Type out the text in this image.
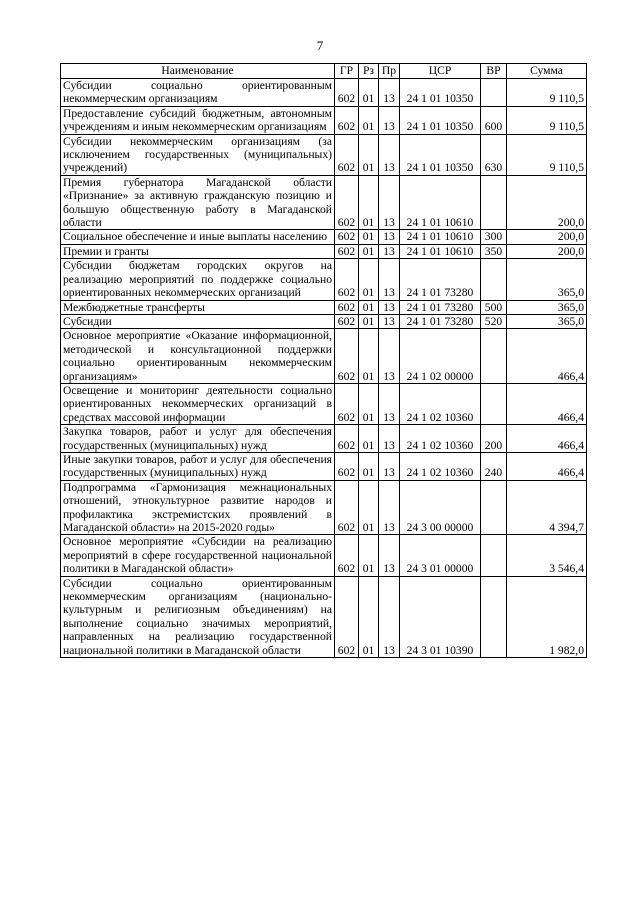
7
Наименование	ГР	Рз	Пр	ЦСР	ВР	Сумма
Субсидии социально ориентированным некоммерческим организациям	602	01	13	24 1 01 10350		9 110,5
Предоставление субсидий бюджетным, автономным учреждениям и иным некоммерческим организациям	602	01	13	24 1 01 10350	600	9 110,5
Субсидии некоммерческим организациям (за исключением государственных (муниципальных) учреждений)	602	01	13	24 1 01 10350	630	9 110,5
Премия губернатора Магаданской области «Признание» за активную гражданскую позицию и большую общественную работу в Магаданской области	602	01	13	24 1 01 10610		200,0
Социальное обеспечение и иные выплаты населению	602	01	13	24 1 01 10610	300	200,0
Премии и гранты	602	01	13	24 1 01 10610	350	200,0
Субсидии бюджетам городских округов на реализацию мероприятий по поддержке социально ориентированных некоммерческих организаций	602	01	13	24 1 01 73280		365,0
Межбюджетные трансферты	602	01	13	24 1 01 73280	500	365,0
Субсидии	602	01	13	24 1 01 73280	520	365,0
Основное мероприятие «Оказание информационной, методической и консультационной поддержки социально ориентированным некоммерческим организациям»	602	01	13	24 1 02 00000		466,4
Освещение и мониторинг деятельности социально ориентированных некоммерческих организаций в средствах массовой информации	602	01	13	24 1 02 10360		466,4
Закупка товаров, работ и услуг для обеспечения государственных (муниципальных) нужд	602	01	13	24 1 02 10360	200	466,4
Иные закупки товаров, работ и услуг для обеспечения государственных (муниципальных) нужд	602	01	13	24 1 02 10360	240	466,4
Подпрограмма «Гармонизация межнациональных отношений, этнокультурное развитие народов и профилактика экстремистских проявлений в Магаданской области» на 2015-2020 годы»	602	01	13	24 3 00 00000		4 394,7
Основное мероприятие «Субсидии на реализацию мероприятий в сфере государственной национальной политики в Магаданской области»	602	01	13	24 3 01 00000		3 546,4
Субсидии социально ориентированным некоммерческим организациям (национально-культурным и религиозным объединениям) на выполнение социально значимых мероприятий, направленных на реализацию государственной национальной политики в Магаданской области	602	01	13	24 3 01 10390		1 982,0
